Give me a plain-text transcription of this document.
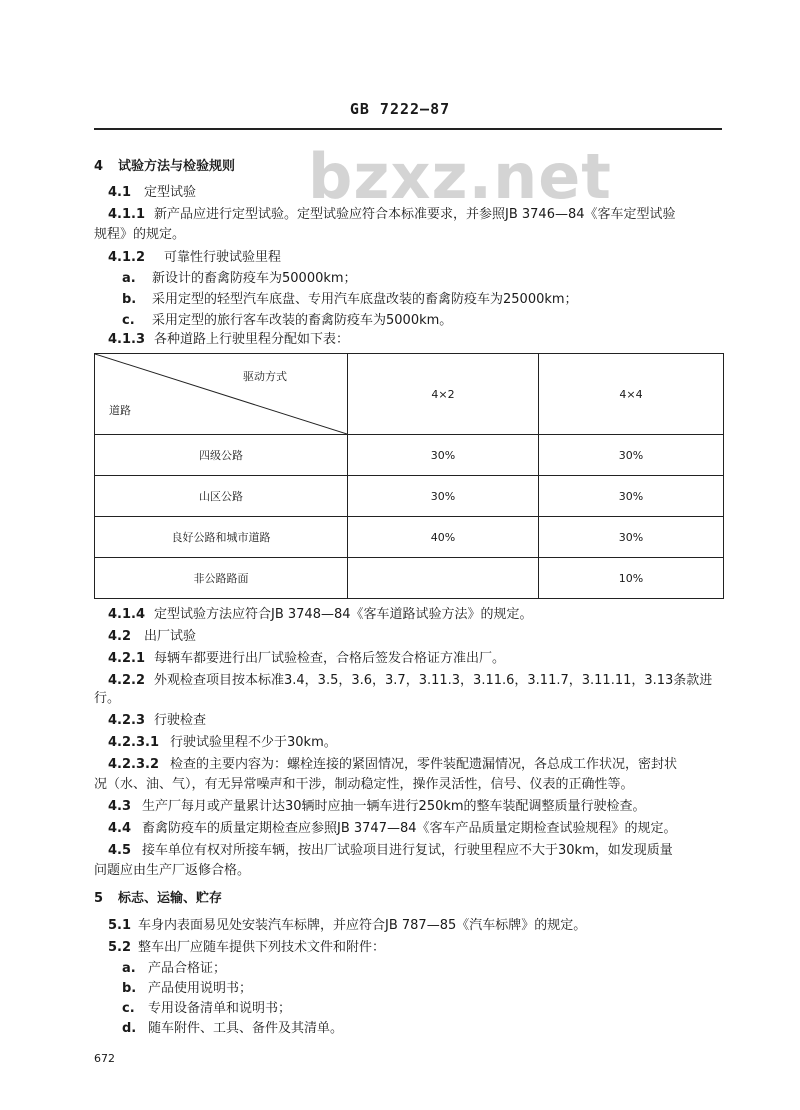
GB 7222—87
bzxz.net
4 试验方法与检验规则
4.1 定型试验
4.1.1 新产品应进行定型试验。定型试验应符合本标准要求，并参照JB 3746—84《客车定型试验
规程》的规定。
4.1.2 可靠性行驶试验里程
a. 新设计的畜禽防疫车为50000km；
b. 采用定型的轻型汽车底盘、专用汽车底盘改装的畜禽防疫车为25000km；
c. 采用定型的旅行客车改装的畜禽防疫车为5000km。
4.1.3 各种道路上行驶里程分配如下表：
驱动方式
道路	4×2	4×4
四级公路	30%	30%
山区公路	30%	30%
良好公路和城市道路	40%	30%
非公路路面		10%
4.1.4 定型试验方法应符合JB 3748—84《客车道路试验方法》的规定。
4.2 出厂试验
4.2.1 每辆车都要进行出厂试验检查，合格后签发合格证方准出厂。
4.2.2 外观检查项目按本标准3.4，3.5，3.6，3.7，3.11.3，3.11.6，3.11.7，3.11.11，3.13条款进
行。
4.2.3 行驶检查
4.2.3.1 行驶试验里程不少于30km。
4.2.3.2 检查的主要内容为：螺栓连接的紧固情况，零件装配遗漏情况，各总成工作状况，密封状
况（水、油、气），有无异常噪声和干涉，制动稳定性，操作灵活性，信号、仪表的正确性等。
4.3 生产厂每月或产量累计达30辆时应抽一辆车进行250km的整车装配调整质量行驶检查。
4.4 畜禽防疫车的质量定期检查应参照JB 3747—84《客车产品质量定期检查试验规程》的规定。
4.5 接车单位有权对所接车辆，按出厂试验项目进行复试，行驶里程应不大于30km，如发现质量
问题应由生产厂返修合格。
5 标志、运输、贮存
5.1 车身内表面易见处安装汽车标牌，并应符合JB 787—85《汽车标牌》的规定。
5.2 整车出厂应随车提供下列技术文件和附件：
a. 产品合格证；
b. 产品使用说明书；
c. 专用设备清单和说明书；
d. 随车附件、工具、备件及其清单。
672
